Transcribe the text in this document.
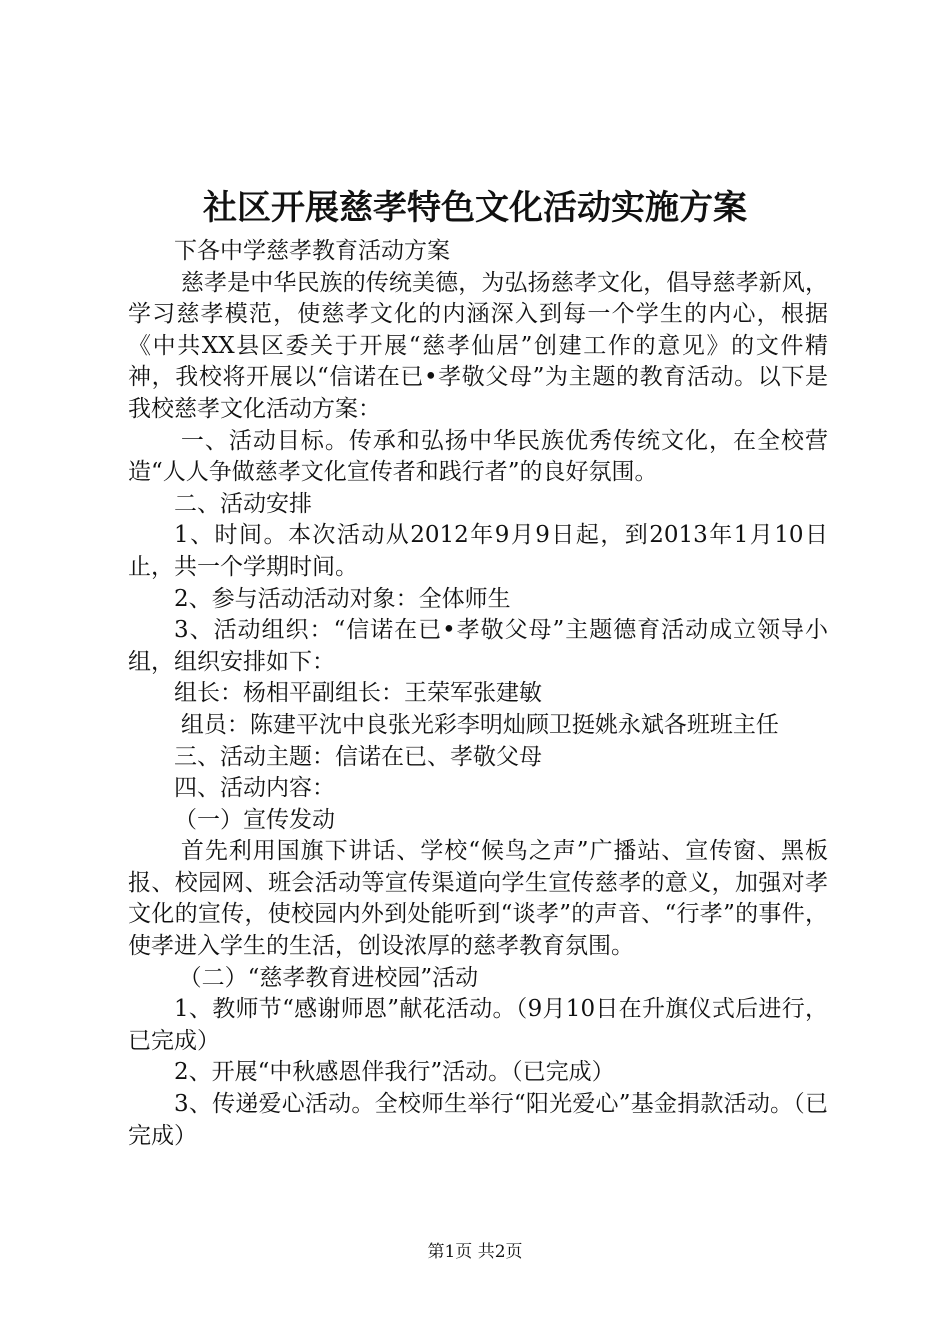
社区开展慈孝特色文化活动实施方案

下各中学慈孝教育活动方案

慈孝是中华民族的传统美德，为弘扬慈孝文化，倡导慈孝新风，学习慈孝模范，使慈孝文化的内涵深入到每一个学生的内心，根据《中共XX县区委关于开展“慈孝仙居”创建工作的意见》的文件精神，我校将开展以“信诺在已•孝敬父母”为主题的教育活动。以下是我校慈孝文化活动方案：

一、活动目标。传承和弘扬中华民族优秀传统文化，在全校营造“人人争做慈孝文化宣传者和践行者”的良好氛围。

二、活动安排

1、时间。本次活动从2012年9月9日起，到2013年1月10日止，共一个学期时间。

2、参与活动活动对象：全体师生

3、活动组织：“信诺在已•孝敬父母”主题德育活动成立领导小组，组织安排如下：

组长：杨相平副组长：王荣军张建敏

组员：陈建平沈中良张光彩李明灿顾卫挺姚永斌各班班主任

三、活动主题：信诺在已、孝敬父母

四、活动内容：

（一）宣传发动

首先利用国旗下讲话、学校“候鸟之声”广播站、宣传窗、黑板报、校园网、班会活动等宣传渠道向学生宣传慈孝的意义，加强对孝文化的宣传，使校园内外到处能听到“谈孝”的声音、“行孝”的事件，使孝进入学生的生活，创设浓厚的慈孝教育氛围。

（二）“慈孝教育进校园”活动

1、教师节“感谢师恩”献花活动。（9月10日在升旗仪式后进行，已完成）

2、开展“中秋感恩伴我行”活动。（已完成）

3、传递爱心活动。全校师生举行“阳光爱心”基金捐款活动。（已完成）

第1页 共2页
